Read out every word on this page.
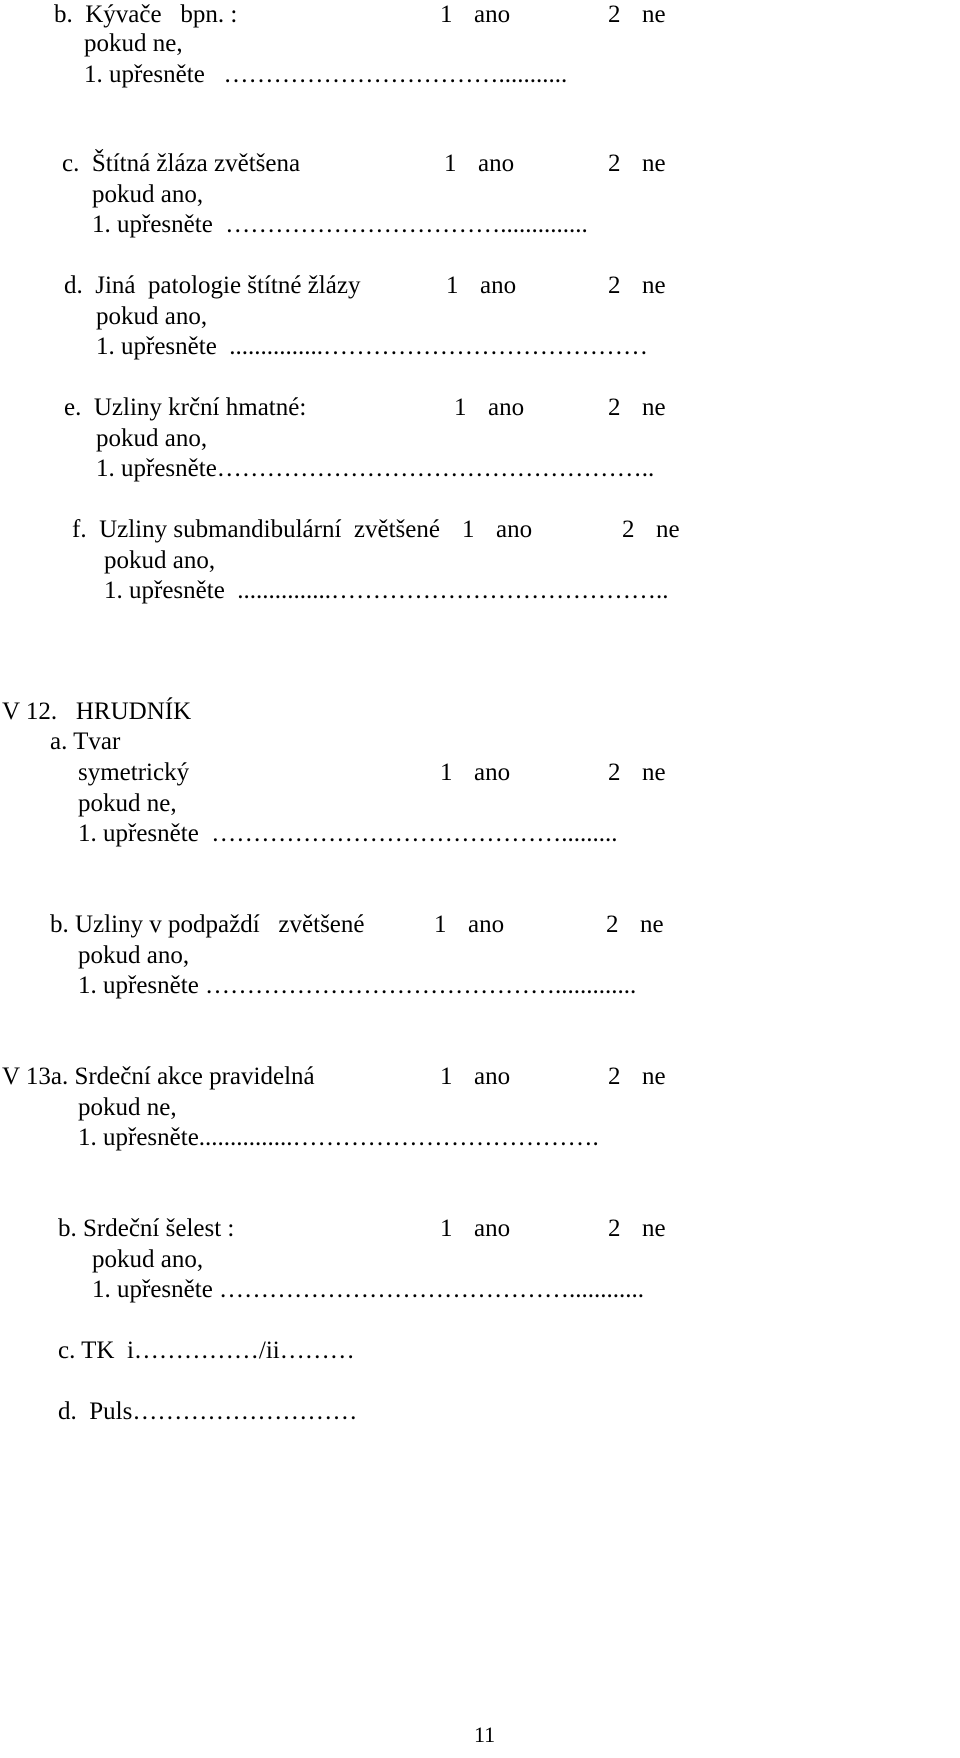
b.  Kývače   bpn. :	1 ano	2 ne
pokud ne,
1. upřesněte   ……………………………...........
c.  Štítná žláza zvětšena	1 ano	2 ne
pokud ano,
1. upřesněte  ……………………………..............
d.  Jiná  patologie štítné žlázy	1 ano	2 ne
pokud ano,
1. upřesněte  ...............…………………………………
e.  Uzliny krční hmatné:	1 ano	2 ne
pokud ano,
1. upřesněte……………………………………………..
f.  Uzliny submandibulární  zvětšené 1 ano	2 ne
pokud ano,
1. upřesněte  ...............…………………………………..
V 12.   HRUDNÍK
a. Tvar
symetrický	1 ano	2 ne
pokud ne,
1. upřesněte  …………………………………….........
b. Uzliny v podpaždí   zvětšené	1 ano	2 ne
pokud ano,
1. upřesněte …………………………………….............
V 13a. Srdeční akce pravidelná	1 ano	2 ne
pokud ne,
1. upřesněte...............……………………………….
b. Srdeční šelest :	1 ano	2 ne
pokud ano,
1. upřesněte ……………………………………............
c. TK  i……………/ii………
d.  Puls………………………
11
